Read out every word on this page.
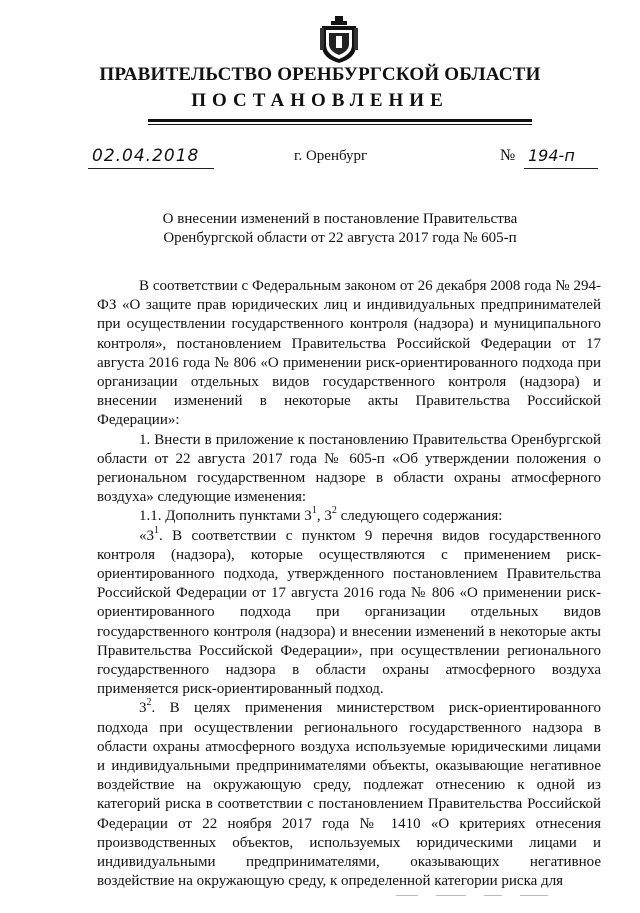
ПРАВИТЕЛЬСТВО ОРЕНБУРГСКОЙ ОБЛАСТИ
ПОСТАНОВЛЕНИЕ
02.04.2018	г. Оренбург	№ 194-п
О внесении изменений в постановление Правительства
Оренбургской области от 22 августа 2017 года № 605-п

В соответствии с Федеральным законом от 26 декабря 2008 года № 294-ФЗ «О защите прав юридических лиц и индивидуальных предпринимателей при осуществлении государственного контроля (надзора) и муниципального контроля», постановлением Правительства Российской Федерации от 17 августа 2016 года № 806 «О применении риск-ориентированного подхода при организации отдельных видов государственного контроля (надзора) и внесении изменений в некоторые акты Правительства Российской Федерации»:

1. Внести в приложение к постановлению Правительства Оренбургской области от 22 августа 2017 года № 605-п «Об утверждении положения о региональном государственном надзоре в области охраны атмосферного воздуха» следующие изменения:

1.1. Дополнить пунктами $3^1$, $3^2$ следующего содержания:

«$3^1$. В соответствии с пунктом 9 перечня видов государственного контроля (надзора), которые осуществляются с применением риск-ориентированного подхода, утвержденного постановлением Правительства Российской Федерации от 17 августа 2016 года № 806 «О применении риск-ориентированного подхода при организации отдельных видов государственного контроля (надзора) и внесении изменений в некоторые акты Правительства Российской Федерации», при осуществлении регионального государственного надзора в области охраны атмосферного воздуха применяется риск-ориентированный подход.

$3^2$. В целях применения министерством риск-ориентированного подхода при осуществлении регионального государственного надзора в области охраны атмосферного воздуха используемые юридическими лицами и индивидуальными предпринимателями объекты, оказывающие негативное воздействие на окружающую среду, подлежат отнесению к одной из категорий риска в соответствии с постановлением Правительства Российской Федерации от 22 ноября 2017 года № 1410 «О критериях отнесения производственных объектов, используемых юридическими лицами и индивидуальными предпринимателями, оказывающих негативное воздействие на окружающую среду, к определенной категории риска для
